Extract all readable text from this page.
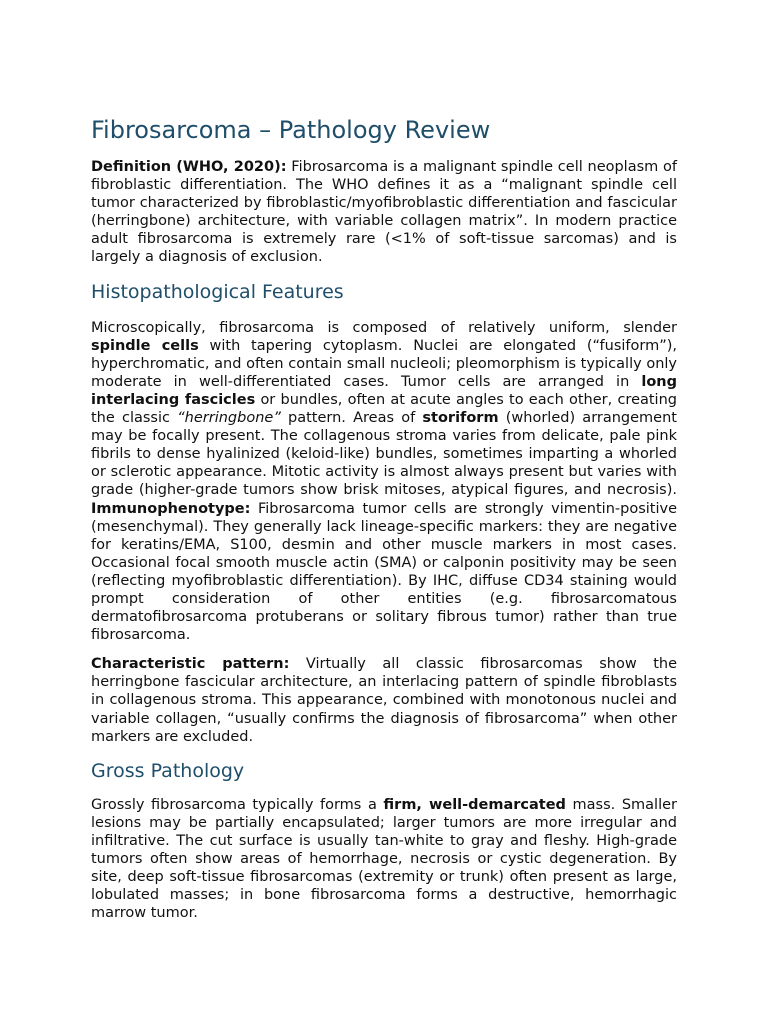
Fibrosarcoma – Pathology Review

Definition (WHO, 2020): Fibrosarcoma is a malignant spindle cell neoplasm of fibroblastic differentiation. The WHO defines it as a “malignant spindle cell tumor characterized by fibroblastic/myofibroblastic differentiation and fascicular (herringbone) architecture, with variable collagen matrix”. In modern practice adult fibrosarcoma is extremely rare (<1% of soft-tissue sarcomas) and is largely a diagnosis of exclusion.

Histopathological Features

Microscopically, fibrosarcoma is composed of relatively uniform, slender spindle cells with tapering cytoplasm. Nuclei are elongated (“fusiform”), hyperchromatic, and often contain small nucleoli; pleomorphism is typically only moderate in well-differentiated cases. Tumor cells are arranged in long interlacing fascicles or bundles, often at acute angles to each other, creating the classic “herringbone” pattern. Areas of storiform (whorled) arrangement may be focally present. The collagenous stroma varies from delicate, pale pink fibrils to dense hyalinized (keloid-like) bundles, sometimes imparting a whorled or sclerotic appearance. Mitotic activity is almost always present but varies with grade (higher-grade tumors show brisk mitoses, atypical figures, and necrosis). Immunophenotype: Fibrosarcoma tumor cells are strongly vimentin-positive (mesenchymal). They generally lack lineage-specific markers: they are negative for keratins/EMA, S100, desmin and other muscle markers in most cases. Occasional focal smooth muscle actin (SMA) or calponin positivity may be seen (reflecting myofibroblastic differentiation). By IHC, diffuse CD34 staining would prompt consideration of other entities (e.g. fibrosarcomatous dermatofibrosarcoma protuberans or solitary fibrous tumor) rather than true fibrosarcoma.

Characteristic pattern: Virtually all classic fibrosarcomas show the herringbone fascicular architecture, an interlacing pattern of spindle fibroblasts in collagenous stroma. This appearance, combined with monotonous nuclei and variable collagen, “usually confirms the diagnosis of fibrosarcoma” when other markers are excluded.

Gross Pathology

Grossly fibrosarcoma typically forms a firm, well-demarcated mass. Smaller lesions may be partially encapsulated; larger tumors are more irregular and infiltrative. The cut surface is usually tan-white to gray and fleshy. High-grade tumors often show areas of hemorrhage, necrosis or cystic degeneration. By site, deep soft-tissue fibrosarcomas (extremity or trunk) often present as large, lobulated masses; in bone fibrosarcoma forms a destructive, hemorrhagic marrow tumor.
